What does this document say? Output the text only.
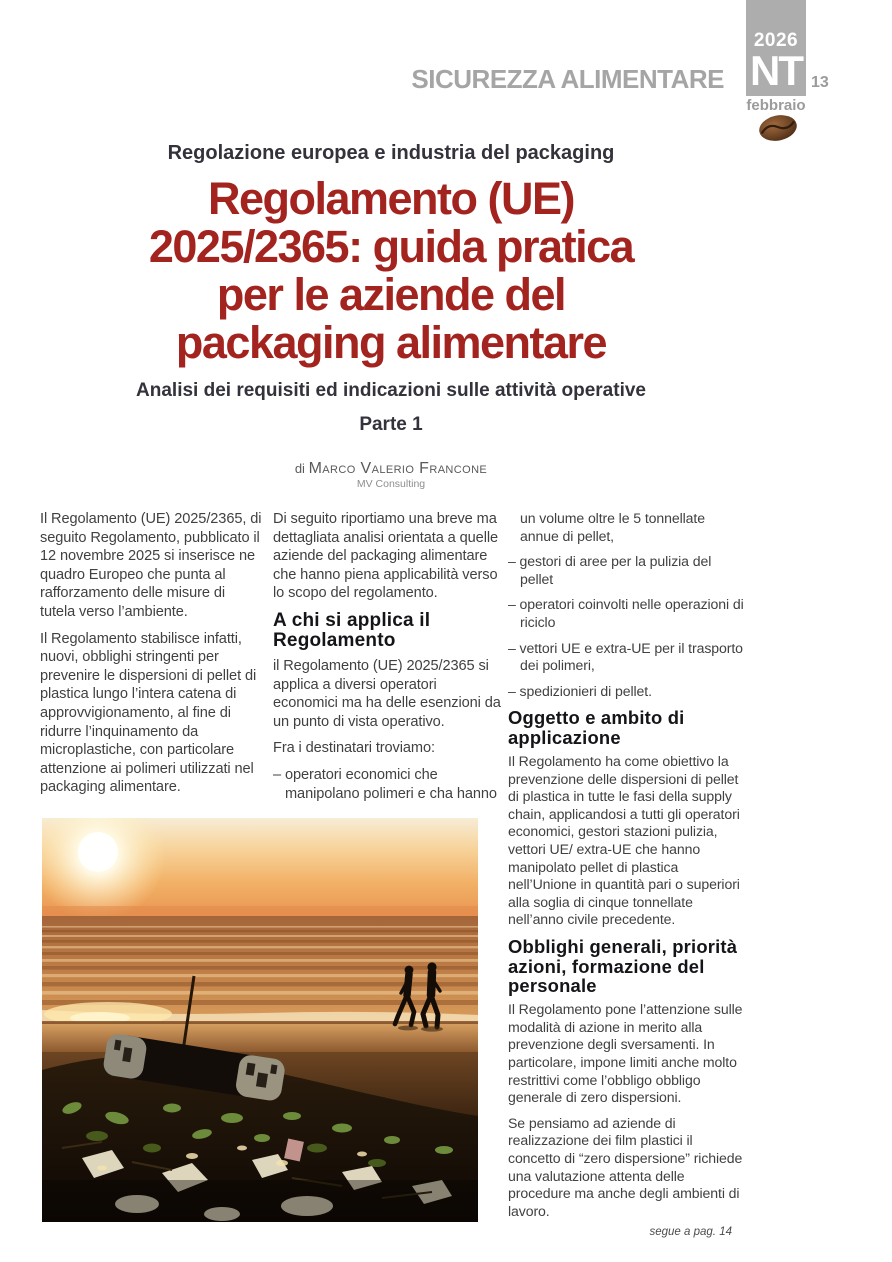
SICUREZZA ALIMENTARE
2026
NT 13
febbraio
Regolazione europea e industria del packaging
Regolamento (UE)
2025/2365: guida pratica
per le aziende del
packaging alimentare
Analisi dei requisiti ed indicazioni sulle attività operative
Parte 1
di Marco Valerio Francone
MV Consulting

Il Regolamento (UE) 2025/2365, di seguito Regolamento, pubblicato il 12 novembre 2025 si inserisce ne quadro Europeo che punta al rafforzamento delle misure di tutela verso l’ambiente.

Il Regolamento stabilisce infatti, nuovi, obblighi stringenti per prevenire le dispersioni di pellet di plastica lungo l’intera catena di approvvigionamento, al fine di ridurre l’inquinamento da microplastiche, con particolare attenzione ai polimeri utilizzati nel packaging alimentare.

Di seguito riportiamo una breve ma dettagliata analisi orientata a quelle aziende del packaging alimentare che hanno piena applicabilità verso lo scopo del regolamento.

A chi si applica il Regolamento

il Regolamento (UE) 2025/2365 si applica a diversi operatori economici ma ha delle esenzioni da un punto di vista operativo.

Fra i destinatari troviamo:

– operatori economici che manipolano polimeri e cha hanno

un volume oltre le 5 tonnellate annue di pellet,

– gestori di aree per la pulizia del pellet

– operatori coinvolti nelle operazioni di riciclo

– vettori UE e extra-UE per il trasporto dei polimeri,

– spedizionieri di pellet.

Oggetto e ambito di applicazione

Il Regolamento ha come obiettivo la prevenzione delle dispersioni di pellet di plastica in tutte le fasi della supply chain, applicandosi a tutti gli operatori economici, gestori stazioni pulizia, vettori UE/ extra-UE che hanno manipolato pellet di plastica nell’Unione in quantità pari o superiori alla soglia di cinque tonnellate nell’anno civile precedente.

Obblighi generali, priorità azioni, formazione del personale

Il Regolamento pone l’attenzione sulle modalità di azione in merito alla prevenzione degli sversamenti. In particolare, impone limiti anche molto restrittivi come l’obbligo obbligo generale di zero dispersioni.

Se pensiamo ad aziende di realizzazione dei film plastici il concetto di “zero dispersione” richiede una valutazione attenta delle procedure ma anche degli ambienti di lavoro.

segue a pag. 14
